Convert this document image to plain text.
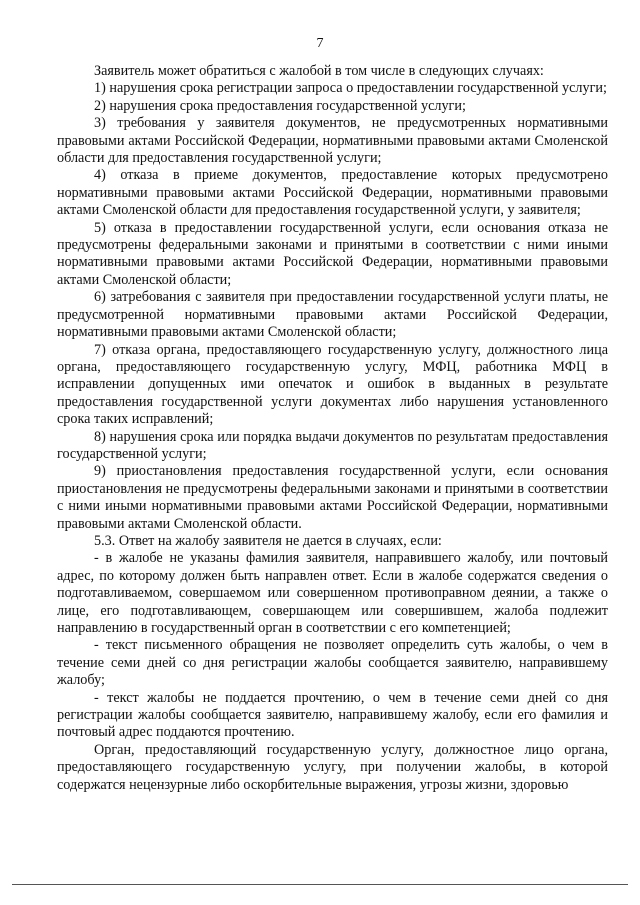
7

Заявитель может обратиться с жалобой в том числе в следующих случаях:

1) нарушения срока регистрации запроса о предоставлении государственной услуги;

2) нарушения срока предоставления государственной услуги;

3) требования у заявителя документов, не предусмотренных нормативными правовыми актами Российской Федерации, нормативными правовыми актами Смоленской области для предоставления государственной услуги;

4) отказа в приеме документов, предоставление которых предусмотрено нормативными правовыми актами Российской Федерации, нормативными правовыми актами Смоленской области для предоставления государственной услуги, у заявителя;

5) отказа в предоставлении государственной услуги, если основания отказа не предусмотрены федеральными законами и принятыми в соответствии с ними иными нормативными правовыми актами Российской Федерации, нормативными правовыми актами Смоленской области;

6) затребования с заявителя при предоставлении государственной услуги платы, не предусмотренной нормативными правовыми актами Российской Федерации, нормативными правовыми актами Смоленской области;

7) отказа органа, предоставляющего государственную услугу, должностного лица органа, предоставляющего государственную услугу, МФЦ, работника МФЦ в исправлении допущенных ими опечаток и ошибок в выданных в результате предоставления государственной услуги документах либо нарушения установленного срока таких исправлений;

8) нарушения срока или порядка выдачи документов по результатам предоставления государственной услуги;

9) приостановления предоставления государственной услуги, если основания приостановления не предусмотрены федеральными законами и принятыми в соответствии с ними иными нормативными правовыми актами Российской Федерации, нормативными правовыми актами Смоленской области.

5.3. Ответ на жалобу заявителя не дается в случаях, если:

- в жалобе не указаны фамилия заявителя, направившего жалобу, или почтовый адрес, по которому должен быть направлен ответ. Если в жалобе содержатся сведения о подготавливаемом, совершаемом или совершенном противоправном деянии, а также о лице, его подготавливающем, совершающем или совершившем, жалоба подлежит направлению в государственный орган в соответствии с его компетенцией;

- текст письменного обращения не позволяет определить суть жалобы, о чем в течение семи дней со дня регистрации жалобы сообщается заявителю, направившему жалобу;

- текст жалобы не поддается прочтению, о чем в течение семи дней со дня регистрации жалобы сообщается заявителю, направившему жалобу, если его фамилия и почтовый адрес поддаются прочтению.

Орган, предоставляющий государственную услугу, должностное лицо органа, предоставляющего государственную услугу, при получении жалобы, в которой содержатся нецензурные либо оскорбительные выражения, угрозы жизни, здоровью
